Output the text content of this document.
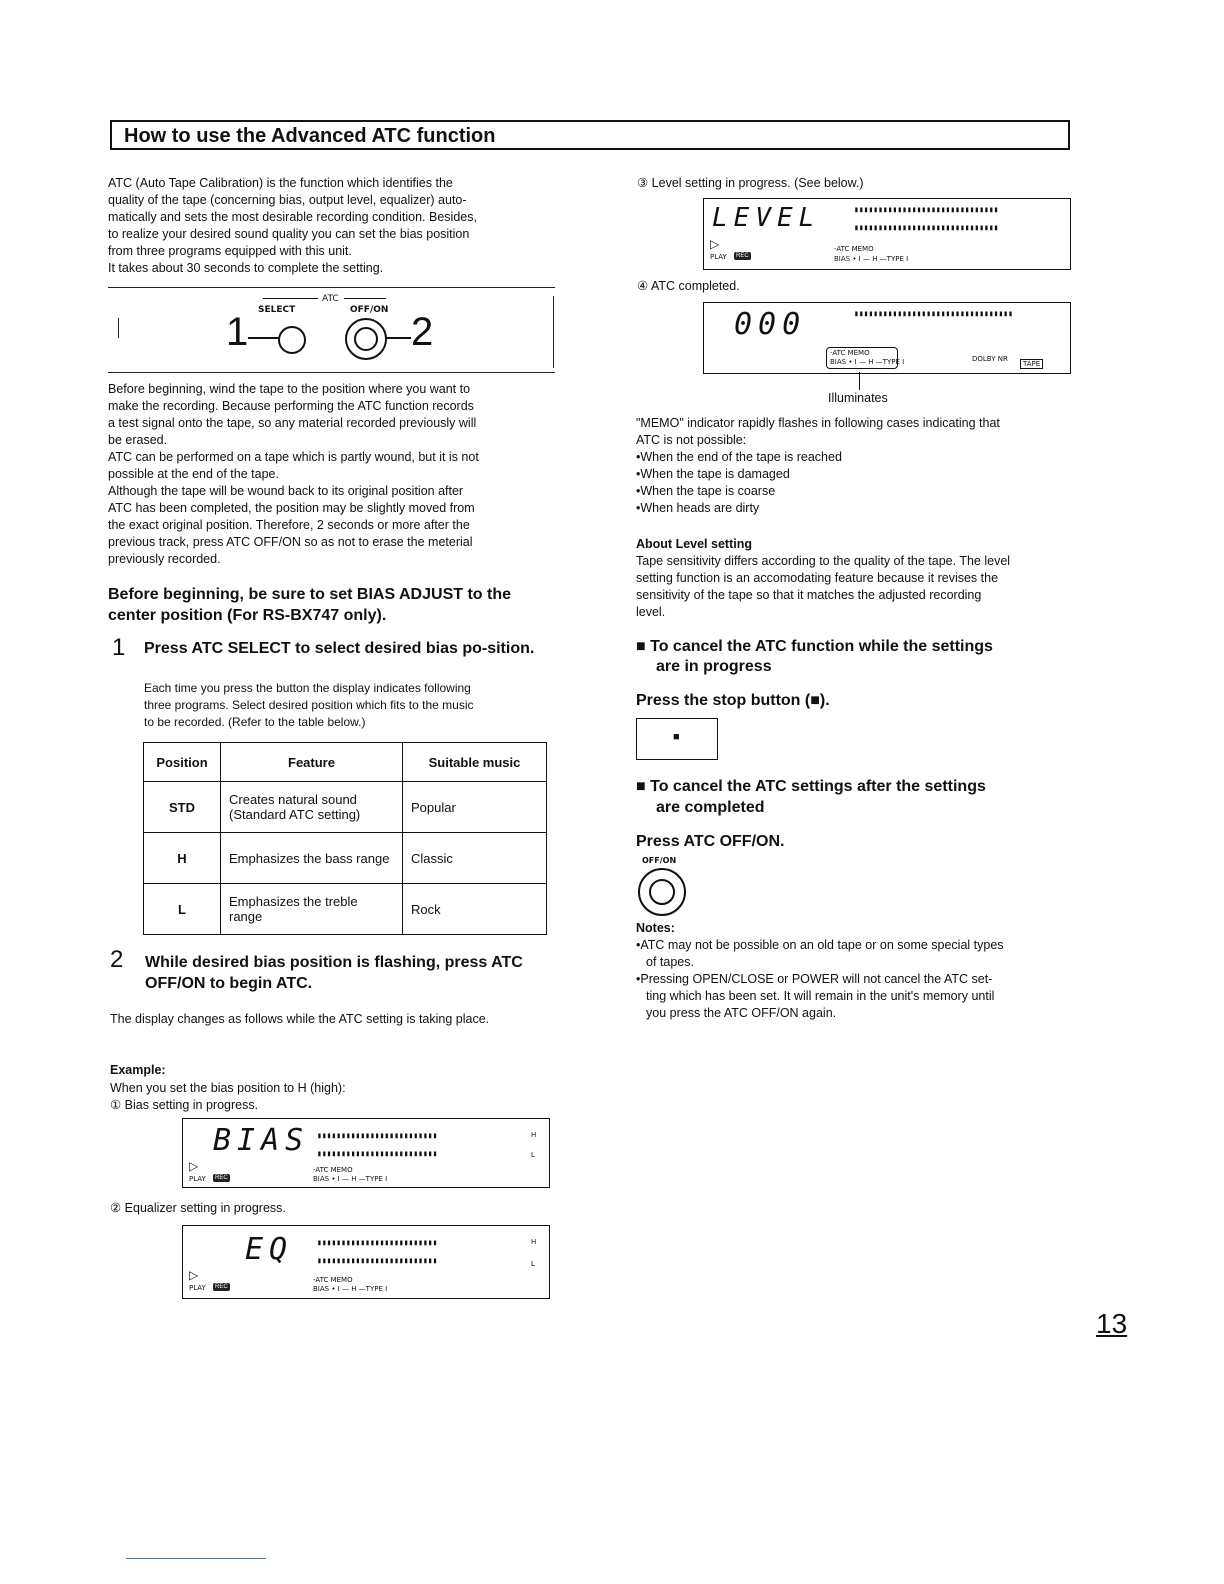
How to use the Advanced ATC function

ATC (Auto Tape Calibration) is the function which identifies the

quality of the tape (concerning bias, output level, equalizer) auto-

matically and sets the most desirable recording condition. Besides,

to realize your desired sound quality you can set the bias position

from three programs equipped with this unit.

It takes about 30 seconds to complete the setting.

ATC
SELECT	OFF/ON
1	2

Before beginning, wind the tape to the position where you want to

make the recording. Because performing the ATC function records

a test signal onto the tape, so any material recorded previously will

be erased.

ATC can be performed on a tape which is partly wound, but it is not

possible at the end of the tape.

Although the tape will be wound back to its original position after

ATC has been completed, the position may be slightly moved from

the exact original position. Therefore, 2 seconds or more after the

previous track, press ATC OFF/ON so as not to erase the meterial

previously recorded.

Before beginning, be sure to set BIAS ADJUST to the center position (For RS-BX747 only).
1 Press ATC SELECT to select desired bias po-sition.

Each time you press the button the display indicates following

three programs. Select desired position which fits to the music

to be recorded. (Refer to the table below.)

Position	Feature	Suitable music
STD	Creates natural sound (Standard ATC setting)	Popular
H	Emphasizes the bass range	Classic
L	Emphasizes the treble range	Rock
2 While desired bias position is flashing, press ATC OFF/ON to begin ATC.
The display changes as follows while the ATC setting is taking place.
Example:
When you set the bias position to H (high):
① Bias setting in progress.
BIAS ▮▮▮▮▮▮▮▮▮▮▮▮▮▮▮▮▮▮▮▮▮▮▮▮▮
▮▮▮▮▮▮▮▮▮▮▮▮▮▮▮▮▮▮▮▮▮▮▮▮▮
H
L
▷
PLAY	REC
-ATC MEMO
BIAS • I — H —TYPE I
② Equalizer setting in progress.
EQ	▮▮▮▮▮▮▮▮▮▮▮▮▮▮▮▮▮▮▮▮▮▮▮▮▮
▮▮▮▮▮▮▮▮▮▮▮▮▮▮▮▮▮▮▮▮▮▮▮▮▮
H
L
▷
PLAY	REC
-ATC MEMO
BIAS • I — H —TYPE I
③ Level setting in progress. (See below.)
LEVEL	▮▮▮▮▮▮▮▮▮▮▮▮▮▮▮▮▮▮▮▮▮▮▮▮▮▮▮▮▮▮
▮▮▮▮▮▮▮▮▮▮▮▮▮▮▮▮▮▮▮▮▮▮▮▮▮▮▮▮▮▮
▷
PLAY	REC
-ATC MEMO
BIAS • I — H —TYPE I
④ ATC completed.
000	▮▮▮▮▮▮▮▮▮▮▮▮▮▮▮▮▮▮▮▮▮▮▮▮▮▮▮▮▮▮▮▮▮
-ATC MEMO
BIAS • I — H —TYPE I	DOLBY NR
TAPE
Illuminates

"MEMO" indicator rapidly flashes in following cases indicating that

ATC is not possible:

•When the end of the tape is reached

•When the tape is damaged

•When the tape is coarse

•When heads are dirty

About Level setting

Tape sensitivity differs according to the quality of the tape. The level

setting function is an accomodating feature because it revises the

sensitivity of the tape so that it matches the adjusted recording

level.

■ To cancel the ATC function while the settings
are in progress
Press the stop button (■).
■
■ To cancel the ATC settings after the settings
are completed
Press ATC OFF/ON.
OFF/ON

Notes:

•ATC may not be possible on an old tape or on some special types

of tapes.

•Pressing OPEN/CLOSE or POWER will not cancel the ATC set-

ting which has been set. It will remain in the unit's memory until

you press the ATC OFF/ON again.

13
